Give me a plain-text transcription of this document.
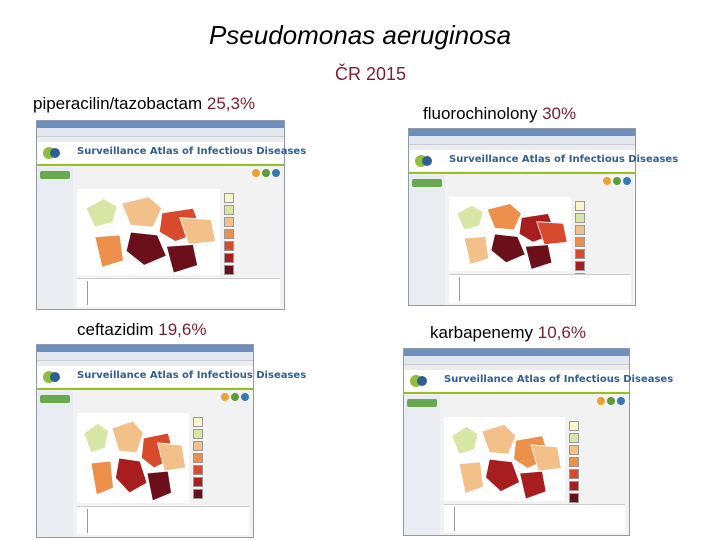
Pseudomonas aeruginosa
ČR 2015
piperacilin/tazobactam 25,3%
fluorochinolony 30%
ceftazidim 19,6%	karbapenemy 10,6%
Surveillance Atlas of Infectious Diseases
Surveillance Atlas of Infectious Diseases
Surveillance Atlas of Infectious Diseases	Surveillance Atlas of Infectious Diseases
